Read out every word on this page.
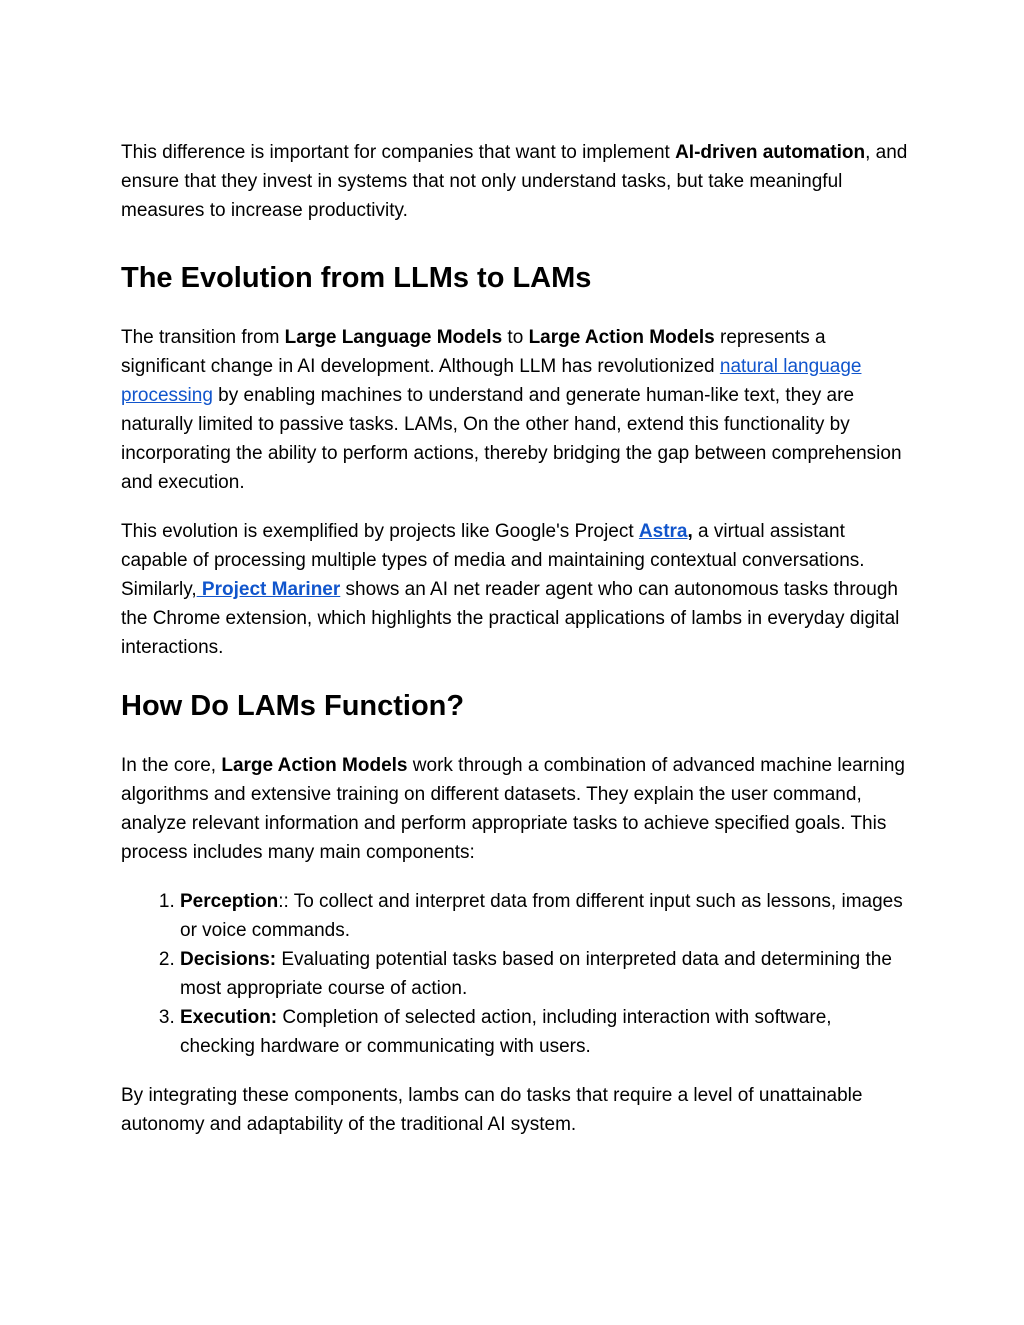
This difference is important for companies that want to implement AI-driven automation, and ensure that they invest in systems that not only understand tasks, but take meaningful measures to increase productivity.

The Evolution from LLMs to LAMs

The transition from Large Language Models to Large Action Models represents a significant change in AI development. Although LLM has revolutionized natural language processing by enabling machines to understand and generate human-like text, they are naturally limited to passive tasks. LAMs, On the other hand, extend this functionality by incorporating the ability to perform actions, thereby bridging the gap between comprehension and execution.

This evolution is exemplified by projects like Google's Project Astra, a virtual assistant capable of processing multiple types of media and maintaining contextual conversations. Similarly, Project Mariner shows an AI net reader agent who can autonomous tasks through the Chrome extension, which highlights the practical applications of lambs in everyday digital interactions.

How Do LAMs Function?

In the core, Large Action Models work through a combination of advanced machine learning algorithms and extensive training on different datasets. They explain the user command, analyze relevant information and perform appropriate tasks to achieve specified goals. This process includes many main components:

1. Perception:: To collect and interpret data from different input such as lessons, images or voice commands.
2. Decisions: Evaluating potential tasks based on interpreted data and determining the most appropriate course of action.
3. Execution: Completion of selected action, including interaction with software, checking hardware or communicating with users.

By integrating these components, lambs can do tasks that require a level of unattainable autonomy and adaptability of the traditional AI system.
